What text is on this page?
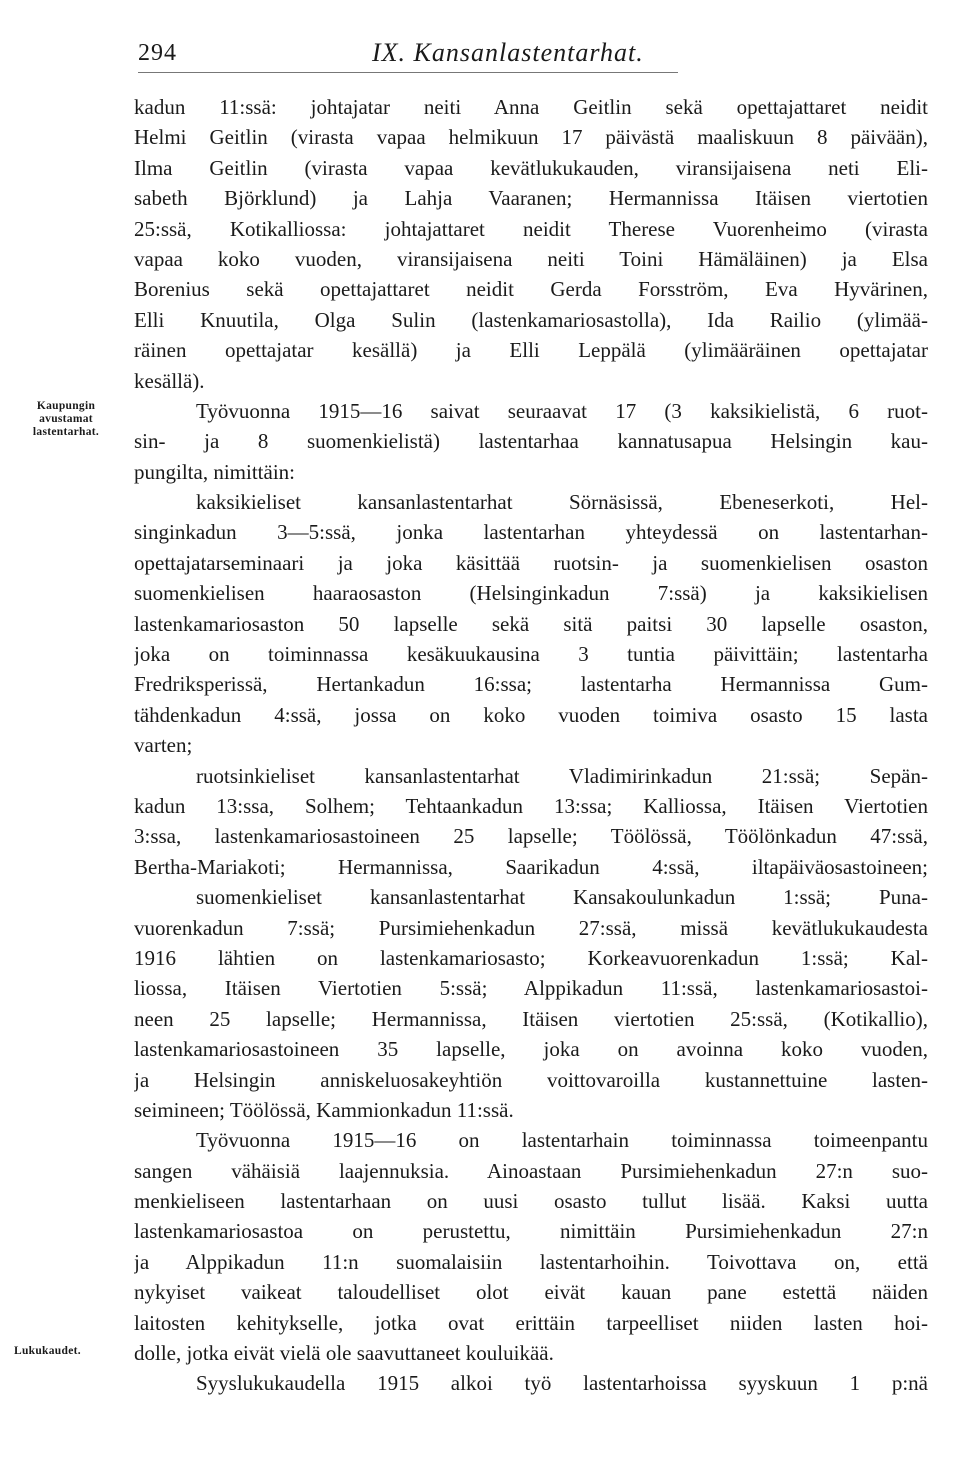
294	IX. Kansanlastentarhat.
Kaupungin avustamat lastentarhat.
Lukukaudet.
kadun 11:ssä: johtajatar neiti Anna Geitlin sekä opettajattaret neidit
Helmi Geitlin (virasta vapaa helmikuun 17 päivästä maaliskuun 8 päivään),
Ilma Geitlin (virasta vapaa kevätlukukauden, viransijaisena neti Eli-
sabeth Björklund) ja Lahja Vaaranen; Hermannissa Itäisen viertotien
25:ssä, Kotikalliossa: johtajattaret neidit Therese Vuorenheimo (virasta
vapaa koko vuoden, viransijaisena neiti Toini Hämäläinen) ja Elsa
Borenius sekä opettajattaret neidit Gerda Forsström, Eva Hyvärinen,
Elli Knuutila, Olga Sulin (lastenkamariosastolla), Ida Railio (ylimää-
räinen opettajatar kesällä) ja Elli Leppälä (ylimääräinen opettajatar
kesällä).
Työvuonna 1915—16 saivat seuraavat 17 (3 kaksikielistä, 6 ruot-
sin- ja 8 suomenkielistä) lastentarhaa kannatusapua Helsingin kau-
pungilta, nimittäin:
kaksikieliset kansanlastentarhat Sörnäsissä, Ebeneserkoti, Hel-
singinkadun 3—5:ssä, jonka lastentarhan yhteydessä on lastentarhan-
opettajatarseminaari ja joka käsittää ruotsin- ja suomenkielisen osaston
suomenkielisen haaraosaston (Helsinginkadun 7:ssä) ja kaksikielisen
lastenkamariosaston 50 lapselle sekä sitä paitsi 30 lapselle osaston,
joka on toiminnassa kesäkuukausina 3 tuntia päivittäin; lastentarha
Fredriksperissä, Hertankadun 16:ssa; lastentarha Hermannissa Gum-
tähdenkadun 4:ssä, jossa on koko vuoden toimiva osasto 15 lasta
varten;
ruotsinkieliset kansanlastentarhat Vladimirinkadun 21:ssä; Sepän-
kadun 13:ssa, Solhem; Tehtaankadun 13:ssa; Kalliossa, Itäisen Viertotien
3:ssa, lastenkamariosastoineen 25 lapselle; Töölössä, Töölönkadun 47:ssä,
Bertha-Mariakoti; Hermannissa, Saarikadun 4:ssä, iltapäiväosastoineen;
suomenkieliset kansanlastentarhat Kansakoulunkadun 1:ssä; Puna-
vuorenkadun 7:ssä; Pursimiehenkadun 27:ssä, missä kevätlukukaudesta
1916 lähtien on lastenkamariosasto; Korkeavuorenkadun 1:ssä; Kal-
liossa, Itäisen Viertotien 5:ssä; Alppikadun 11:ssä, lastenkamariosastoi-
neen 25 lapselle; Hermannissa, Itäisen viertotien 25:ssä, (Kotikallio),
lastenkamariosastoineen 35 lapselle, joka on avoinna koko vuoden,
ja Helsingin anniskeluosakeyhtiön voittovaroilla kustannettuine lasten-
seimineen; Töölössä, Kammionkadun 11:ssä.
Työvuonna 1915—16 on lastentarhain toiminnassa toimeenpantu
sangen vähäisiä laajennuksia. Ainoastaan Pursimiehenkadun 27:n suo-
menkieliseen lastentarhaan on uusi osasto tullut lisää. Kaksi uutta
lastenkamariosastoa on perustettu, nimittäin Pursimiehenkadun 27:n
ja Alppikadun 11:n suomalaisiin lastentarhoihin. Toivottava on, että
nykyiset vaikeat taloudelliset olot eivät kauan pane estettä näiden
laitosten kehitykselle, jotka ovat erittäin tarpeelliset niiden lasten hoi-
dolle, jotka eivät vielä ole saavuttaneet kouluikää.
Syyslukukaudella 1915 alkoi työ lastentarhoissa syyskuun 1 p:nä
